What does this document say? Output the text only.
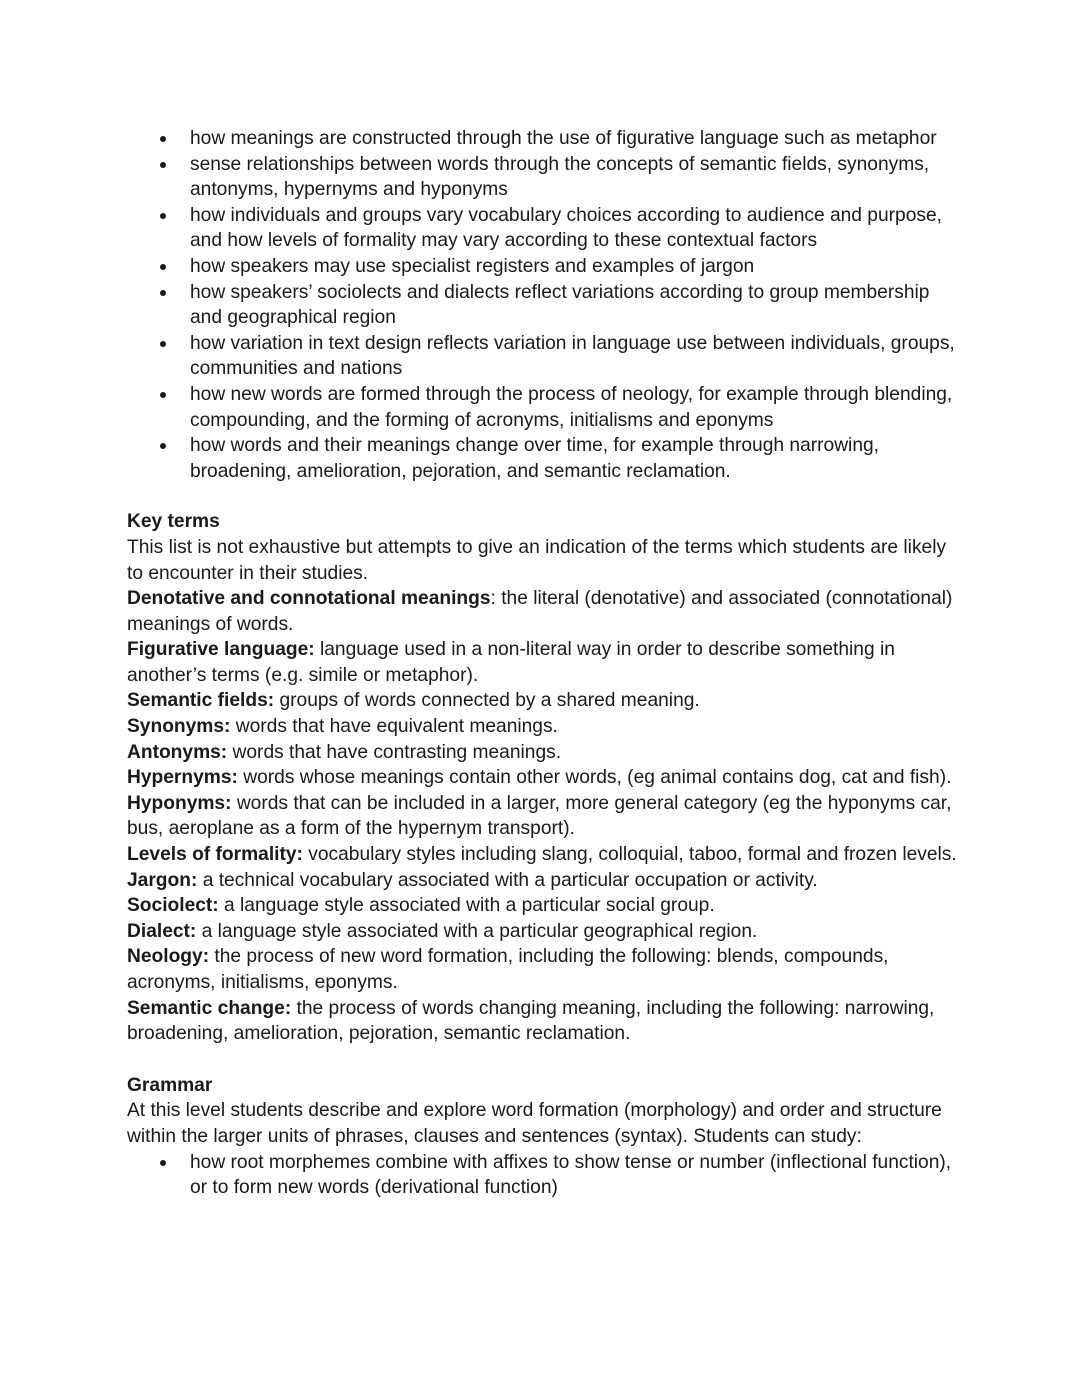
how meanings are constructed through the use of figurative language such as metaphor
sense relationships between words through the concepts of semantic fields, synonyms, antonyms, hypernyms and hyponyms
how individuals and groups vary vocabulary choices according to audience and purpose, and how levels of formality may vary according to these contextual factors
how speakers may use specialist registers and examples of jargon
how speakers’ sociolects and dialects reflect variations according to group membership and geographical region
how variation in text design reflects variation in language use between individuals, groups, communities and nations
how new words are formed through the process of neology, for example through blending, compounding, and the forming of acronyms, initialisms and eponyms
how words and their meanings change over time, for example through narrowing, broadening, amelioration, pejoration, and semantic reclamation.

Key terms

This list is not exhaustive but attempts to give an indication of the terms which students are likely to encounter in their studies.

Denotative and connotational meanings: the literal (denotative) and associated (connotational) meanings of words.

Figurative language: language used in a non-literal way in order to describe something in another’s terms (e.g. simile or metaphor).

Semantic fields: groups of words connected by a shared meaning.

Synonyms: words that have equivalent meanings.

Antonyms: words that have contrasting meanings.

Hypernyms: words whose meanings contain other words, (eg animal contains dog, cat and fish).

Hyponyms: words that can be included in a larger, more general category (eg the hyponyms car, bus, aeroplane as a form of the hypernym transport).

Levels of formality: vocabulary styles including slang, colloquial, taboo, formal and frozen levels.

Jargon: a technical vocabulary associated with a particular occupation or activity.

Sociolect: a language style associated with a particular social group.

Dialect: a language style associated with a particular geographical region.

Neology: the process of new word formation, including the following: blends, compounds, acronyms, initialisms, eponyms.

Semantic change: the process of words changing meaning, including the following: narrowing, broadening, amelioration, pejoration, semantic reclamation.

Grammar

At this level students describe and explore word formation (morphology) and order and structure within the larger units of phrases, clauses and sentences (syntax). Students can study:

how root morphemes combine with affixes to show tense or number (inflectional function), or to form new words (derivational function)
